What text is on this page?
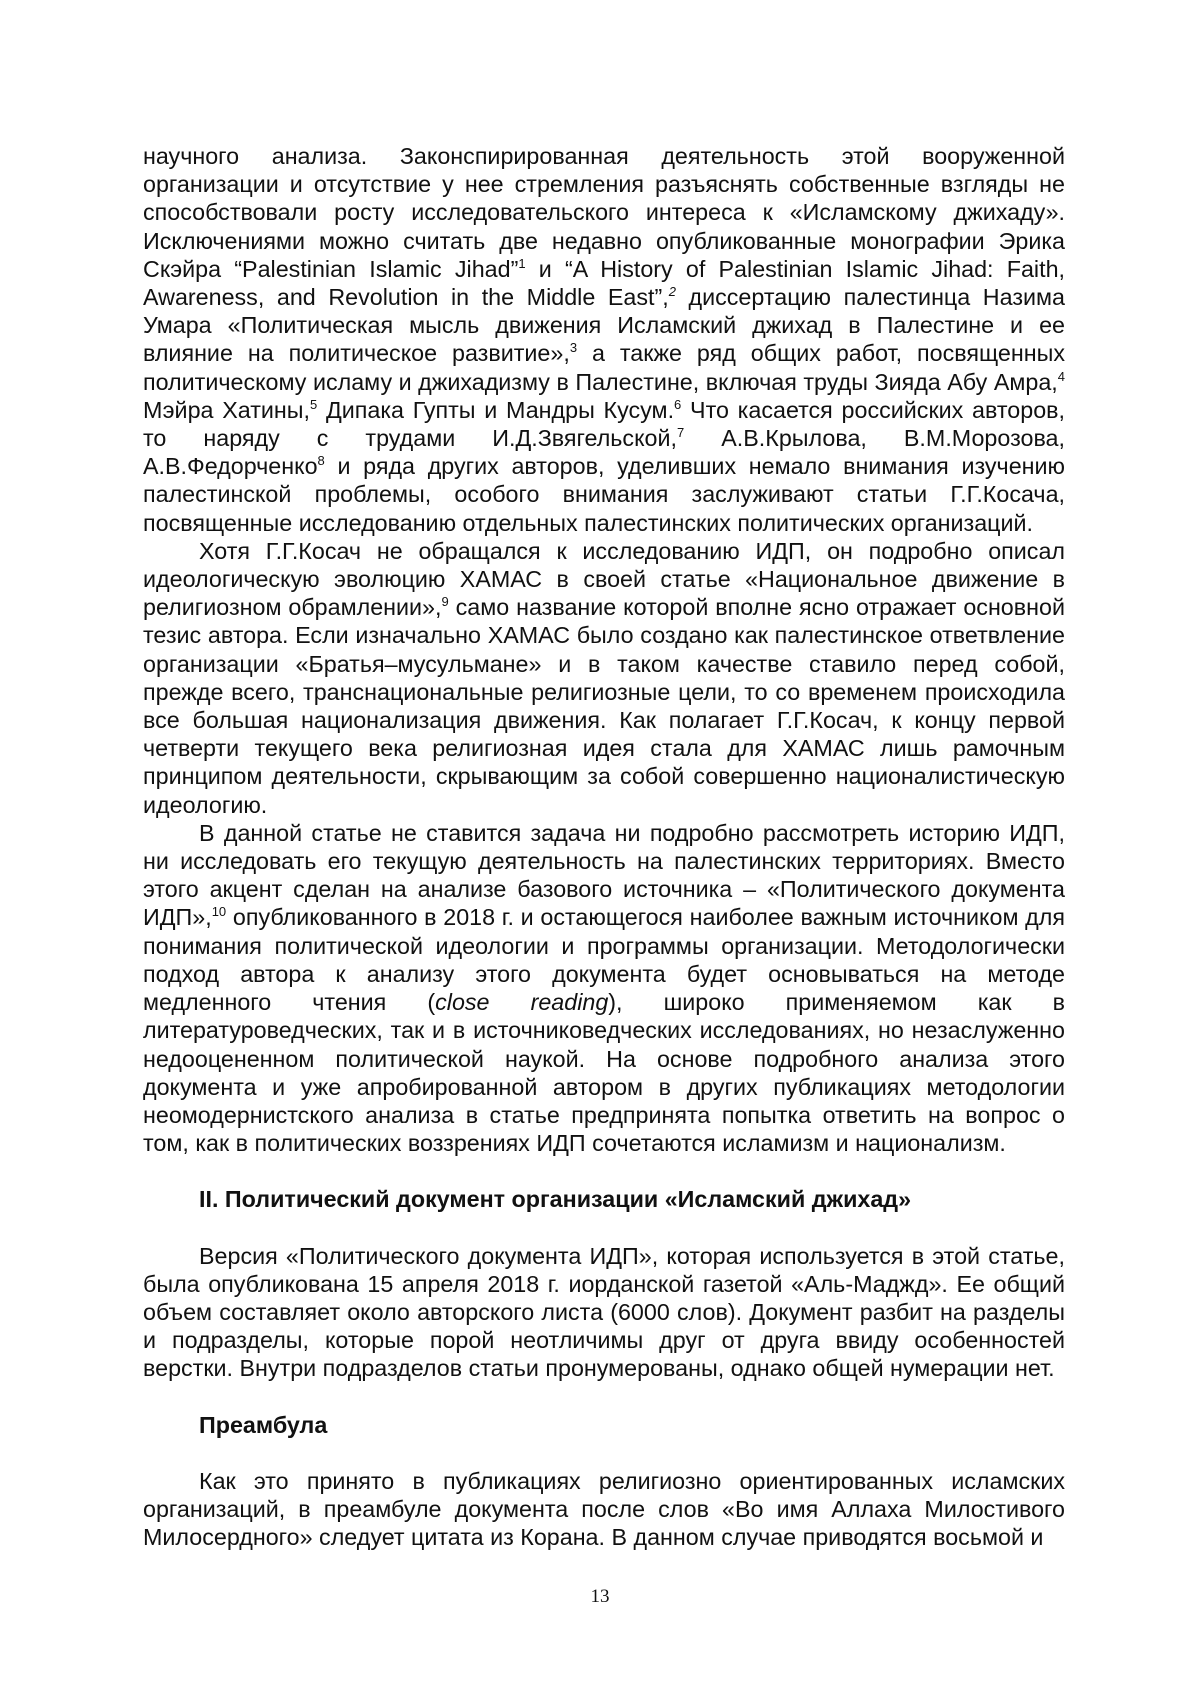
научного анализа. Законспирированная деятельность этой вооруженной организации и отсутствие у нее стремления разъяснять собственные взгляды не способствовали росту исследовательского интереса к «Исламскому джихаду». Исключениями можно считать две недавно опубликованные монографии Эрика Скэйра “Palestinian Islamic Jihad”$^1$ и “A History of Palestinian Islamic Jihad: Faith, Awareness, and Revolution in the Middle East”,$^2$ диссертацию палестинца Назима Умара «Политическая мысль движения Исламский джихад в Палестине и ее влияние на политическое развитие»,$^3$ а также ряд общих работ, посвященных политическому исламу и джихадизму в Палестине, включая труды Зияда Абу Амра,$^4$ Мэйра Хатины,$^5$ Дипака Гупты и Мандры Кусум.$^6$ Что касается российских авторов, то наряду с трудами И.Д.Звягельской,$^7$ А.В.Крылова, В.М.Морозова, А.В.Федорченко$^8$ и ряда других авторов, уделивших немало внимания изучению палестинской проблемы, особого внимания заслуживают статьи Г.Г.Косача, посвященные исследованию отдельных палестинских политических организаций.

Хотя Г.Г.Косач не обращался к исследованию ИДП, он подробно описал идеологическую эволюцию ХАМАС в своей статье «Национальное движение в религиозном обрамлении»,$^9$ само название которой вполне ясно отражает основной тезис автора. Если изначально ХАМАС было создано как палестинское ответвление организации «Братья–мусульмане» и в таком качестве ставило перед собой, прежде всего, транснациональные религиозные цели, то со временем происходила все большая национализация движения. Как полагает Г.Г.Косач, к концу первой четверти текущего века религиозная идея стала для ХАМАС лишь рамочным принципом деятельности, скрывающим за собой совершенно националистическую идеологию.

В данной статье не ставится задача ни подробно рассмотреть историю ИДП, ни исследовать его текущую деятельность на палестинских территориях. Вместо этого акцент сделан на анализе базового источника – «Политического документа ИДП»,$^{10}$ опубликованного в 2018 г. и остающегося наиболее важным источником для понимания политической идеологии и программы организации. Методологически подход автора к анализу этого документа будет основываться на методе медленного чтения (close reading), широко применяемом как в литературоведческих, так и в источниковедческих исследованиях, но незаслуженно недооцененном политической наукой. На основе подробного анализа этого документа и уже апробированной автором в других публикациях методологии неомодернистского анализа в статье предпринята попытка ответить на вопрос о том, как в политических воззрениях ИДП сочетаются исламизм и национализм.

II. Политический документ организации «Исламский джихад»

Версия «Политического документа ИДП», которая используется в этой статье, была опубликована 15 апреля 2018 г. иорданской газетой «Аль-Маджд». Ее общий объем составляет около авторского листа (6000 слов). Документ разбит на разделы и подразделы, которые порой неотличимы друг от друга ввиду особенностей верстки. Внутри подразделов статьи пронумерованы, однако общей нумерации нет.

Преамбула

Как это принято в публикациях религиозно ориентированных исламских организаций, в преамбуле документа после слов «Во имя Аллаха Милостивого Милосердного» следует цитата из Корана. В данном случае приводятся восьмой и

13
